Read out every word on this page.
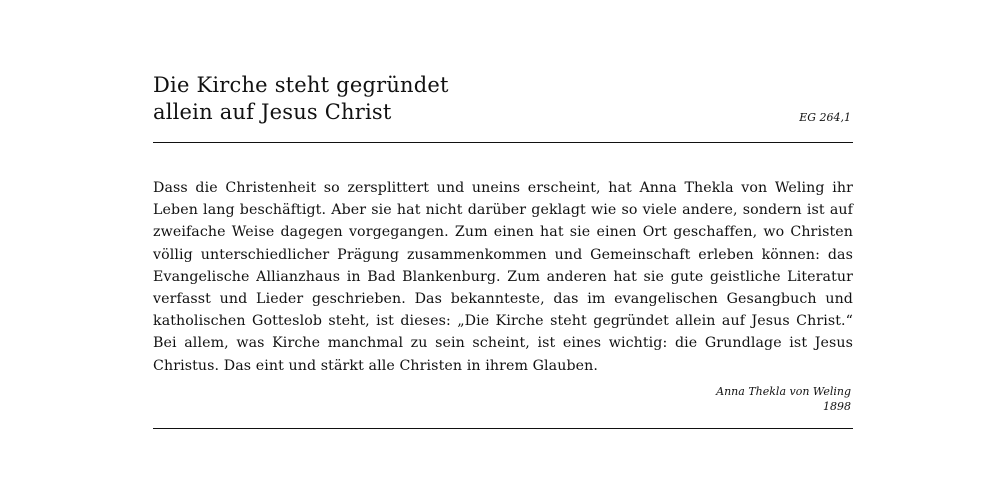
Die Kirche steht gegründet
allein auf Jesus Christ	EG 264,1
Dass die Christenheit so zersplittert und uneins erscheint, hat Anna Thekla von Weling ihr Leben lang beschäftigt. Aber sie hat nicht darüber geklagt wie so viele andere, sondern ist auf zweifache Weise dagegen vorgegangen. Zum einen hat sie einen Ort geschaffen, wo Christen völlig unterschiedlicher Prägung zusammenkommen und Gemeinschaft erleben können: das Evangelische Allianzhaus in Bad Blankenburg. Zum anderen hat sie gute geistliche Literatur verfasst und Lieder geschrieben. Das bekannteste, das im evangelischen Gesangbuch und katholischen Gotteslob steht, ist dieses: „Die Kirche steht gegründet allein auf Jesus Christ.“ Bei allem, was Kirche manchmal zu sein scheint, ist eines wichtig: die Grundlage ist Jesus Christus. Das eint und stärkt alle Christen in ihrem Glauben.
Anna Thekla von Weling
1898
